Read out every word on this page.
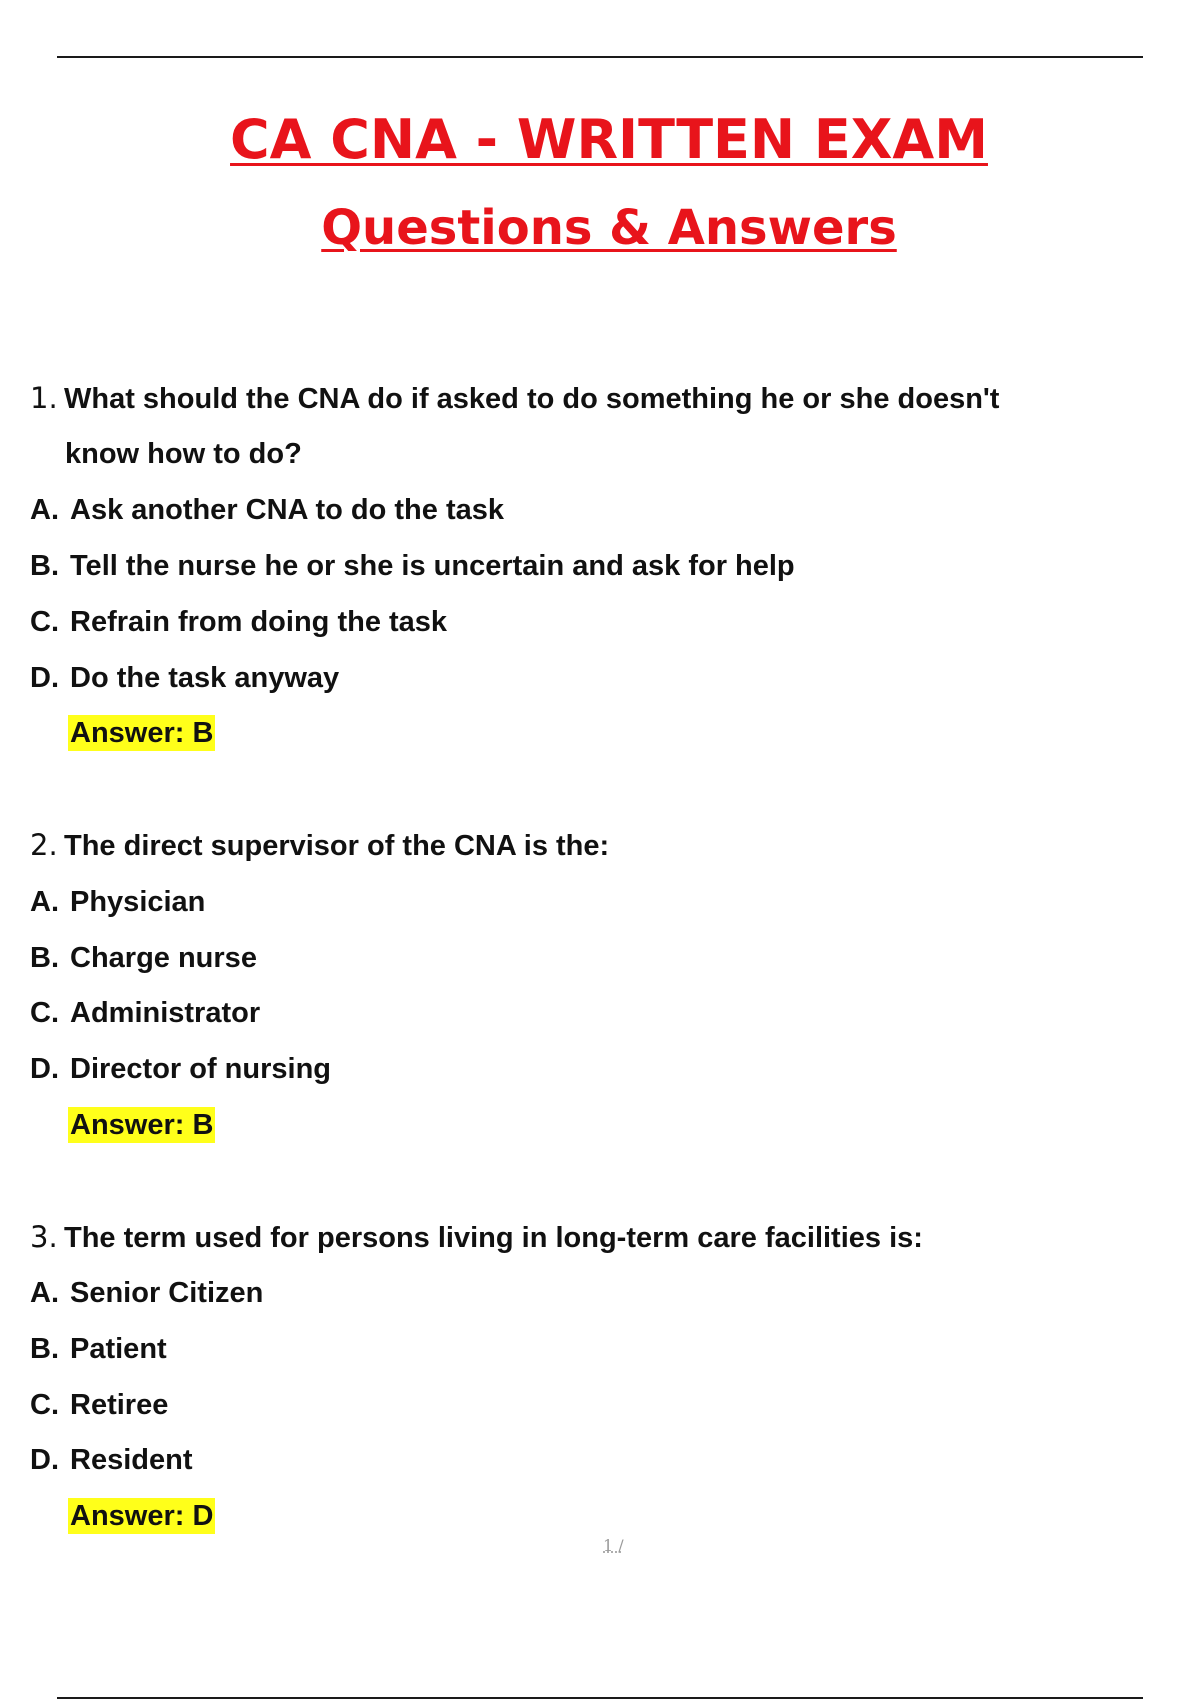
CA CNA - WRITTEN EXAM
Questions & Answers
1. What should the CNA do if asked to do something he or she doesn't
know how to do?
A. Ask another CNA to do the task
B. Tell the nurse he or she is uncertain and ask for help
C. Refrain from doing the task
D. Do the task anyway
Answer: B
2. The direct supervisor of the CNA is the:
A. Physician
B. Charge nurse
C. Administrator
D. Director of nursing
Answer: B
3. The term used for persons living in long-term care facilities is:
A. Senior Citizen
B. Patient
C. Retiree
D. Resident
Answer: D
1 /
